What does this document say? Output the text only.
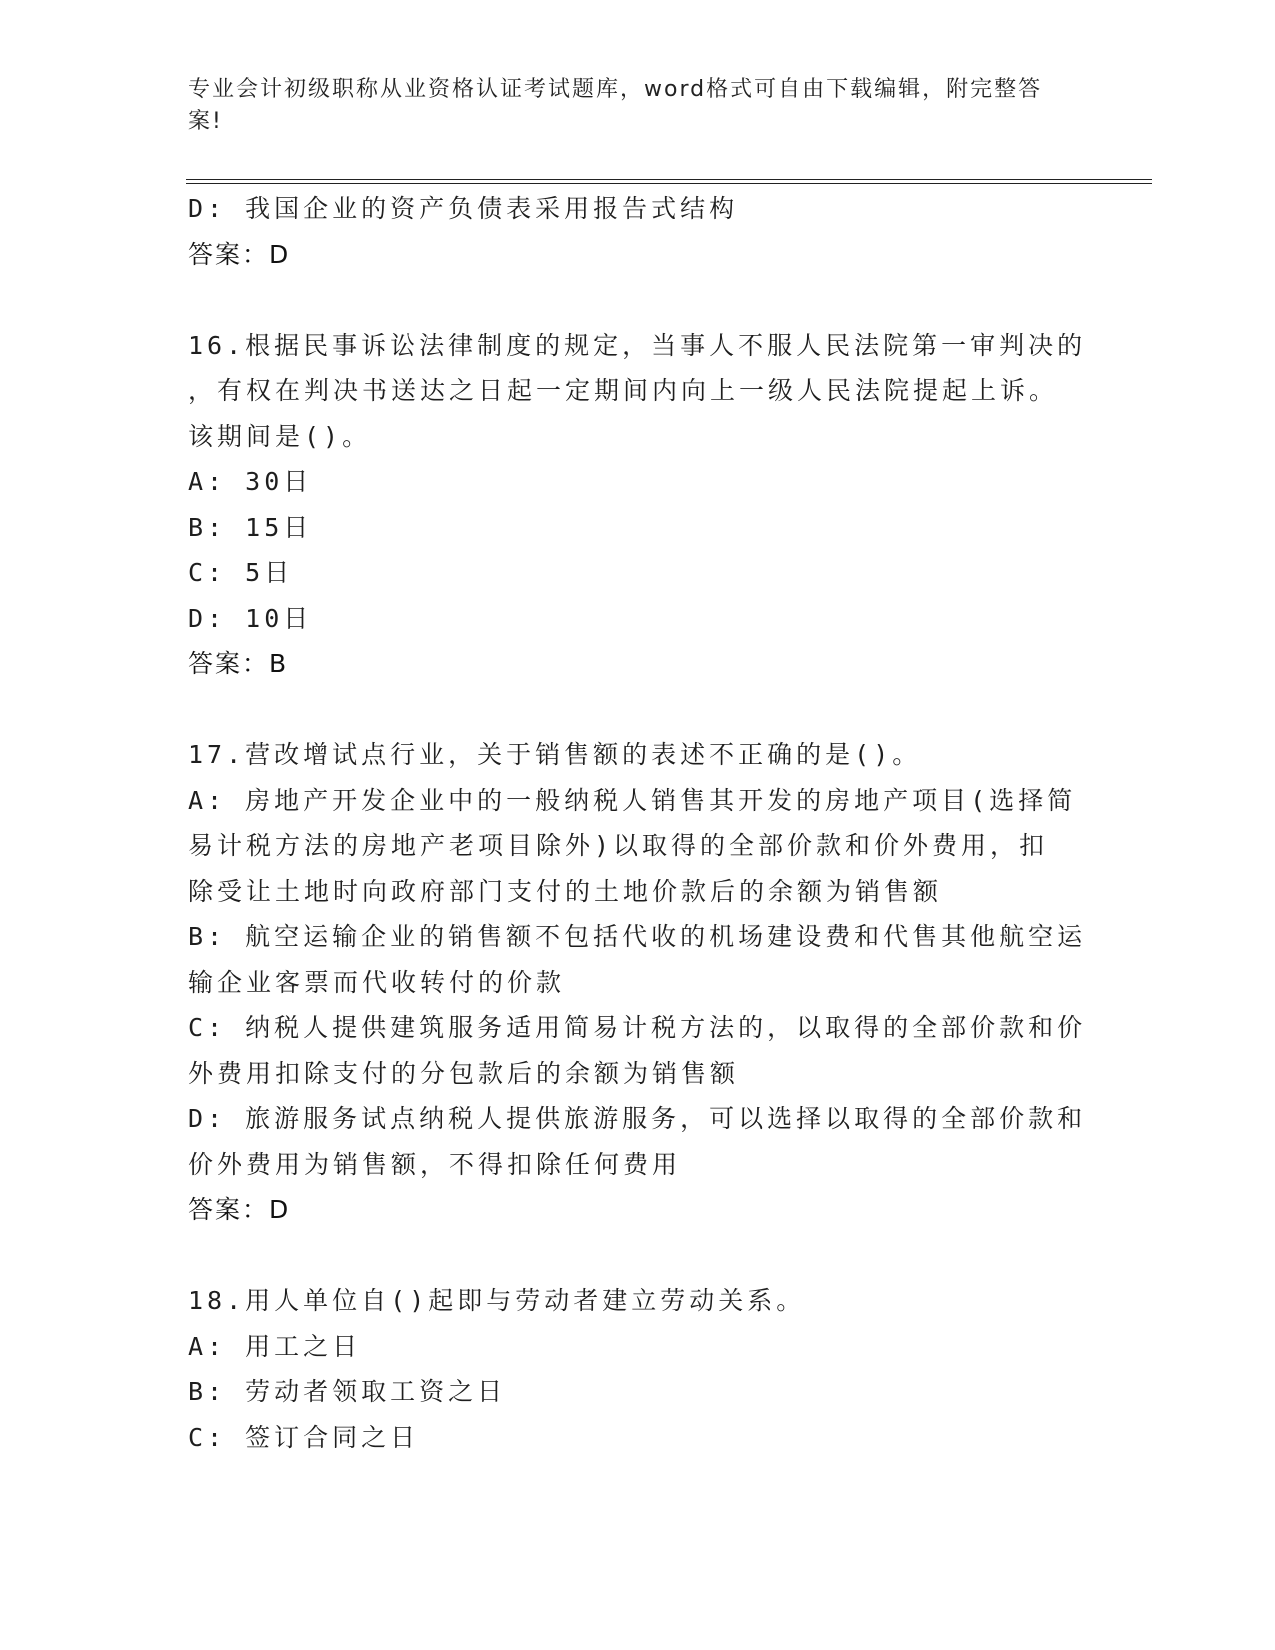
专业会计初级职称从业资格认证考试题库，word格式可自由下载编辑，附完整答案!
D: 我国企业的资产负债表采用报告式结构
答案：D
16.根据民事诉讼法律制度的规定，当事人不服人民法院第一审判决的
，有权在判决书送达之日起一定期间内向上一级人民法院提起上诉。
该期间是()。
A: 30日
B: 15日
C: 5日
D: 10日
答案：B
17.营改增试点行业，关于销售额的表述不正确的是()。
A: 房地产开发企业中的一般纳税人销售其开发的房地产项目(选择简
易计税方法的房地产老项目除外)以取得的全部价款和价外费用，扣
除受让土地时向政府部门支付的土地价款后的余额为销售额
B: 航空运输企业的销售额不包括代收的机场建设费和代售其他航空运
输企业客票而代收转付的价款
C: 纳税人提供建筑服务适用简易计税方法的，以取得的全部价款和价
外费用扣除支付的分包款后的余额为销售额
D: 旅游服务试点纳税人提供旅游服务，可以选择以取得的全部价款和
价外费用为销售额，不得扣除任何费用
答案：D
18.用人单位自()起即与劳动者建立劳动关系。
A: 用工之日
B: 劳动者领取工资之日
C: 签订合同之日
